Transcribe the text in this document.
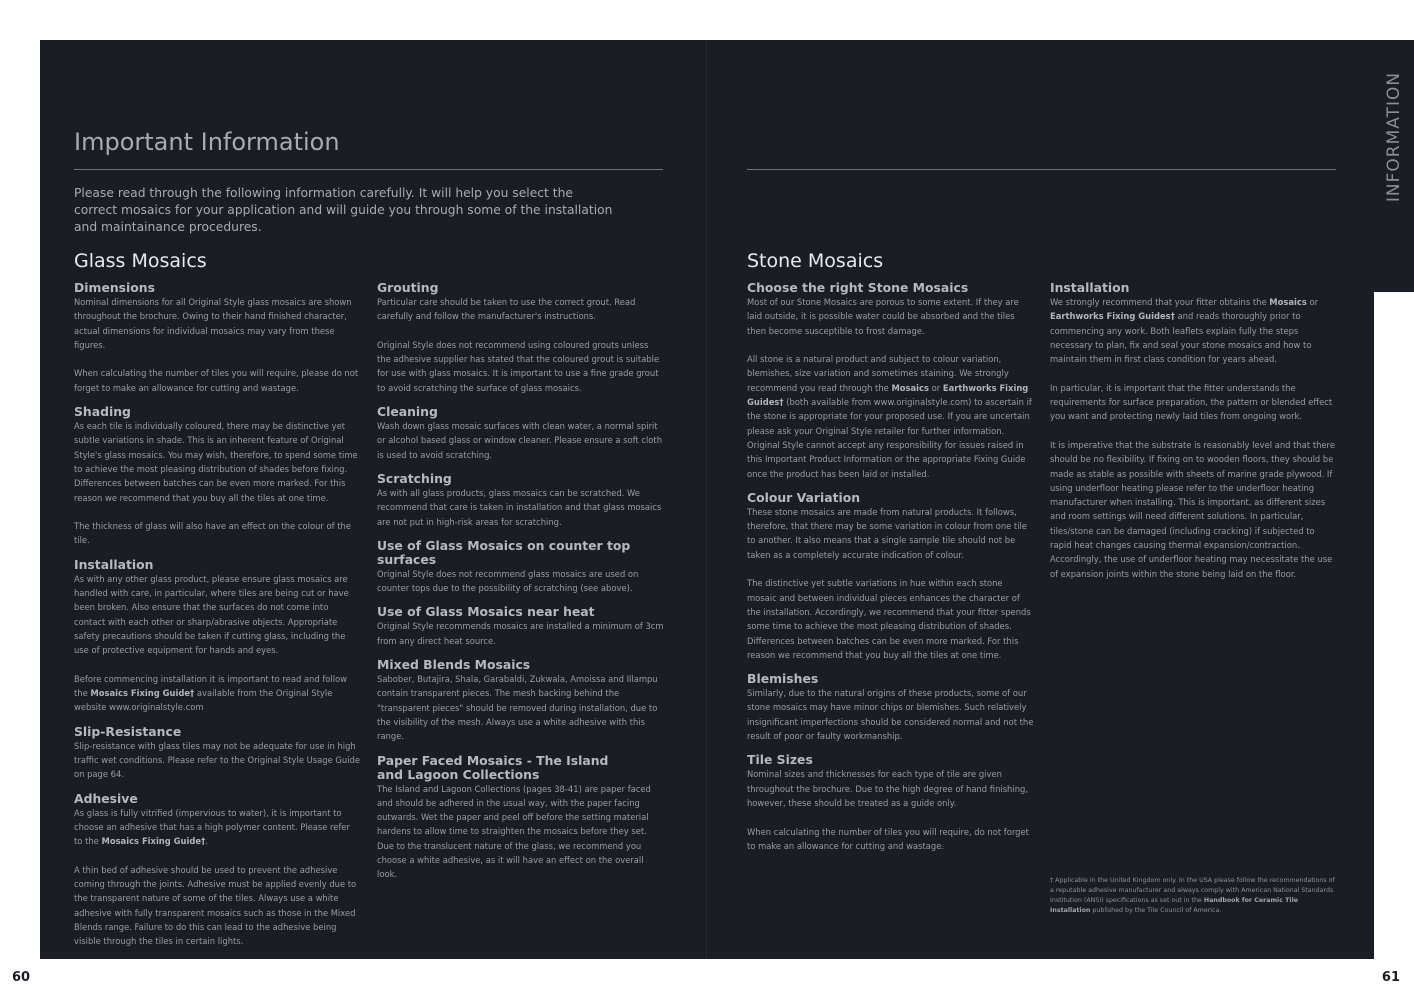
INFORMATION
Important Information

Please read through the following information carefully. It will help you select the correct mosaics for your application and will guide you through some of the installation and maintainance procedures.

Glass Mosaics
Dimensions

Nominal dimensions for all Original Style glass mosaics are shown throughout the brochure. Owing to their hand finished character, actual dimensions for individual mosaics may vary from these figures.

When calculating the number of tiles you will require, please do not forget to make an allowance for cutting and wastage.

Shading

As each tile is individually coloured, there may be distinctive yet subtle variations in shade. This is an inherent feature of Original Style's glass mosaics. You may wish, therefore, to spend some time to achieve the most pleasing distribution of shades before fixing. Differences between batches can be even more marked. For this reason we recommend that you buy all the tiles at one time.

The thickness of glass will also have an effect on the colour of the tile.

Installation

As with any other glass product, please ensure glass mosaics are handled with care, in particular, where tiles are being cut or have been broken. Also ensure that the surfaces do not come into contact with each other or sharp/abrasive objects. Appropriate safety precautions should be taken if cutting glass, including the use of protective equipment for hands and eyes.

Before commencing installation it is important to read and follow the Mosaics Fixing Guide† available from the Original Style website www.originalstyle.com

Slip-Resistance

Slip-resistance with glass tiles may not be adequate for use in high traffic wet conditions. Please refer to the Original Style Usage Guide on page 64.

Adhesive

As glass is fully vitrified (impervious to water), it is important to choose an adhesive that has a high polymer content. Please refer to the Mosaics Fixing Guide†.

A thin bed of adhesive should be used to prevent the adhesive coming through the joints. Adhesive must be applied evenly due to the transparent nature of some of the tiles. Always use a white adhesive with fully transparent mosaics such as those in the Mixed Blends range. Failure to do this can lead to the adhesive being visible through the tiles in certain lights.

Grouting

Particular care should be taken to use the correct grout. Read carefully and follow the manufacturer's instructions.

Original Style does not recommend using coloured grouts unless the adhesive supplier has stated that the coloured grout is suitable for use with glass mosaics. It is important to use a fine grade grout to avoid scratching the surface of glass mosaics.

Cleaning

Wash down glass mosaic surfaces with clean water, a normal spirit or alcohol based glass or window cleaner. Please ensure a soft cloth is used to avoid scratching.

Scratching

As with all glass products, glass mosaics can be scratched. We recommend that care is taken in installation and that glass mosaics are not put in high-risk areas for scratching.

Use of Glass Mosaics on counter top surfaces

Original Style does not recommend glass mosaics are used on counter tops due to the possibility of scratching (see above).

Use of Glass Mosaics near heat

Original Style recommends mosaics are installed a minimum of 3cm from any direct heat source.

Mixed Blends Mosaics

Sabober, Butajira, Shala, Garabaldi, Zukwala, Amoissa and Illampu contain transparent pieces. The mesh backing behind the "transparent pieces" should be removed during installation, due to the visibility of the mesh. Always use a white adhesive with this range.

Paper Faced Mosaics - The Island and Lagoon Collections

The Island and Lagoon Collections (pages 38-41) are paper faced and should be adhered in the usual way, with the paper facing outwards. Wet the paper and peel off before the setting material hardens to allow time to straighten the mosaics before they set. Due to the translucent nature of the glass, we recommend you choose a white adhesive, as it will have an effect on the overall look.

Stone Mosaics
Choose the right Stone Mosaics

Most of our Stone Mosaics are porous to some extent. If they are laid outside, it is possible water could be absorbed and the tiles then become susceptible to frost damage.

All stone is a natural product and subject to colour variation, blemishes, size variation and sometimes staining. We strongly recommend you read through the Mosaics or Earthworks Fixing Guides† (both available from www.originalstyle.com) to ascertain if the stone is appropriate for your proposed use. If you are uncertain please ask your Original Style retailer for further information. Original Style cannot accept any responsibility for issues raised in this Important Product Information or the appropriate Fixing Guide once the product has been laid or installed.

Colour Variation

These stone mosaics are made from natural products. It follows, therefore, that there may be some variation in colour from one tile to another. It also means that a single sample tile should not be taken as a completely accurate indication of colour.

The distinctive yet subtle variations in hue within each stone mosaic and between individual pieces enhances the character of the installation. Accordingly, we recommend that your fitter spends some time to achieve the most pleasing distribution of shades. Differences between batches can be even more marked. For this reason we recommend that you buy all the tiles at one time.

Blemishes

Similarly, due to the natural origins of these products, some of our stone mosaics may have minor chips or blemishes. Such relatively insignificant imperfections should be considered normal and not the result of poor or faulty workmanship.

Tile Sizes

Nominal sizes and thicknesses for each type of tile are given throughout the brochure. Due to the high degree of hand finishing, however, these should be treated as a guide only.

When calculating the number of tiles you will require, do not forget to make an allowance for cutting and wastage.

Installation

We strongly recommend that your fitter obtains the Mosaics or Earthworks Fixing Guides† and reads thoroughly prior to commencing any work. Both leaflets explain fully the steps necessary to plan, fix and seal your stone mosaics and how to maintain them in first class condition for years ahead.

In particular, it is important that the fitter understands the requirements for surface preparation, the pattern or blended effect you want and protecting newly laid tiles from ongoing work.

It is imperative that the substrate is reasonably level and that there should be no flexibility. If fixing on to wooden floors, they should be made as stable as possible with sheets of marine grade plywood. If using underfloor heating please refer to the underfloor heating manufacturer when installing. This is important, as different sizes and room settings will need different solutions. In particular, tiles/stone can be damaged (including cracking) if subjected to rapid heat changes causing thermal expansion/contraction. Accordingly, the use of underfloor heating may necessitate the use of expansion joints within the stone being laid on the floor.

† Applicable in the United Kingdom only. In the USA please follow the recommendations of a reputable adhesive manufacturer and always comply with American National Standards Institution (ANSI) specifications as set out in the Handbook for Ceramic Tile Installation published by the Tile Council of America.

60	61
